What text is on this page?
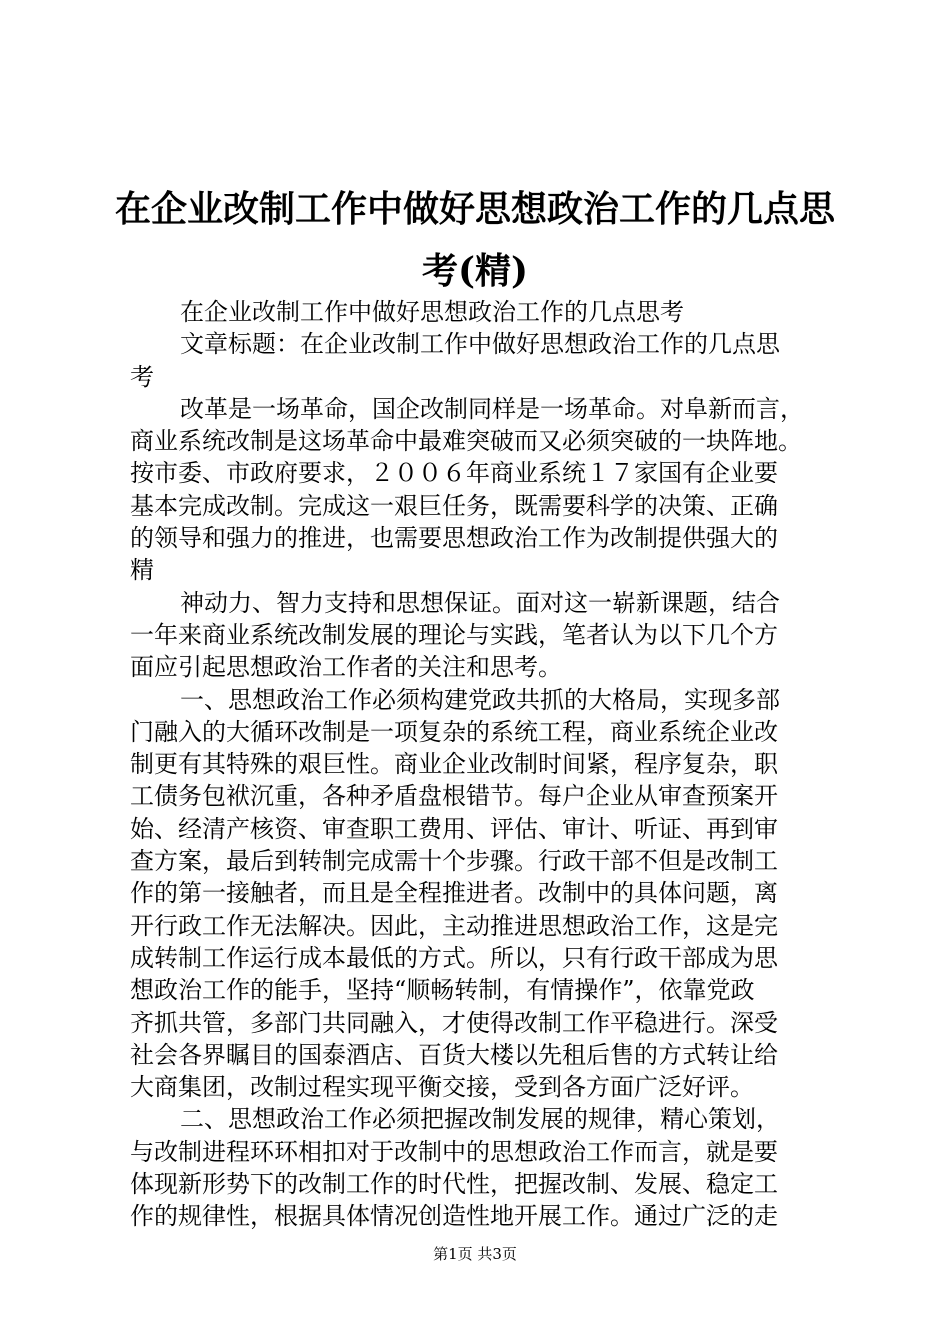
在企业改制工作中做好思想政治工作的几点思
考(精)
在企业改制工作中做好思想政治工作的几点思考
文章标题：在企业改制工作中做好思想政治工作的几点思
考
改革是一场革命，国企改制同样是一场革命。对阜新而言，
商业系统改制是这场革命中最难突破而又必须突破的一块阵地。
按市委、市政府要求，２００６年商业系统１７家国有企业要
基本完成改制。完成这一艰巨任务，既需要科学的决策、正确
的领导和强力的推进，也需要思想政治工作为改制提供强大的
精
神动力、智力支持和思想保证。面对这一崭新课题，结合
一年来商业系统改制发展的理论与实践，笔者认为以下几个方
面应引起思想政治工作者的关注和思考。
一、思想政治工作必须构建党政共抓的大格局，实现多部
门融入的大循环改制是一项复杂的系统工程，商业系统企业改
制更有其特殊的艰巨性。商业企业改制时间紧，程序复杂，职
工债务包袱沉重，各种矛盾盘根错节。每户企业从审查预案开
始、经清产核资、审查职工费用、评估、审计、听证、再到审
查方案，最后到转制完成需十个步骤。行政干部不但是改制工
作的第一接触者，而且是全程推进者。改制中的具体问题，离
开行政工作无法解决。因此，主动推进思想政治工作，这是完
成转制工作运行成本最低的方式。所以，只有行政干部成为思
想政治工作的能手，坚持“顺畅转制，有情操作”，依靠党政
齐抓共管，多部门共同融入，才使得改制工作平稳进行。深受
社会各界瞩目的国泰酒店、百货大楼以先租后售的方式转让给
大商集团，改制过程实现平衡交接，受到各方面广泛好评。
二、思想政治工作必须把握改制发展的规律，精心策划，
与改制进程环环相扣对于改制中的思想政治工作而言，就是要
体现新形势下的改制工作的时代性，把握改制、发展、稳定工
作的规律性，根据具体情况创造性地开展工作。通过广泛的走
第1页 共3页
